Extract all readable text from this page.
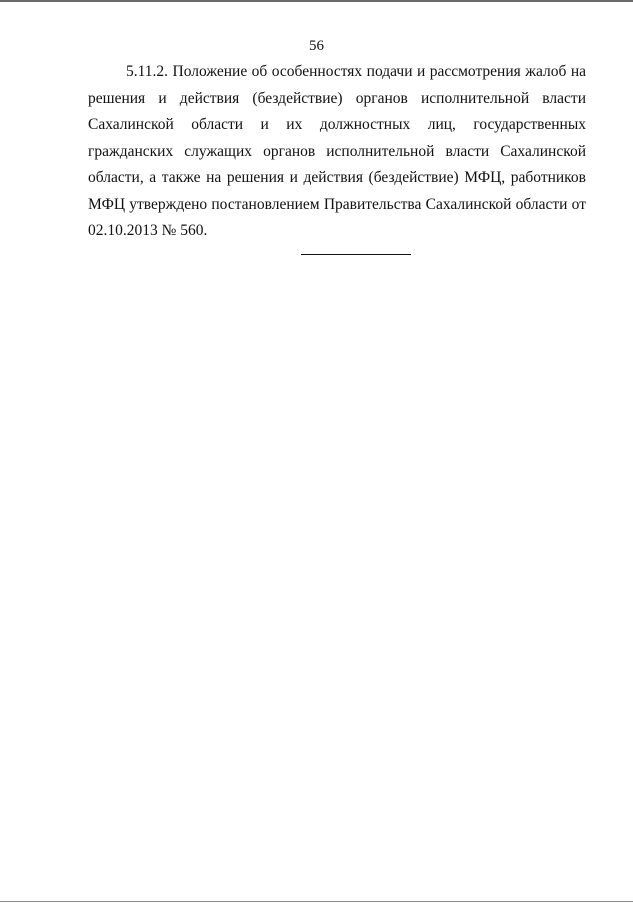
56

5.11.2. Положение об особенностях подачи и рассмотрения жалоб на решения и действия (бездействие) органов исполнительной власти Сахалинской области и их должностных лиц, государственных гражданских служащих органов исполнительной власти Сахалинской области, а также на решения и действия (бездействие) МФЦ, работников МФЦ утверждено постановлением Правительства Сахалинской области от 02.10.2013 № 560.
